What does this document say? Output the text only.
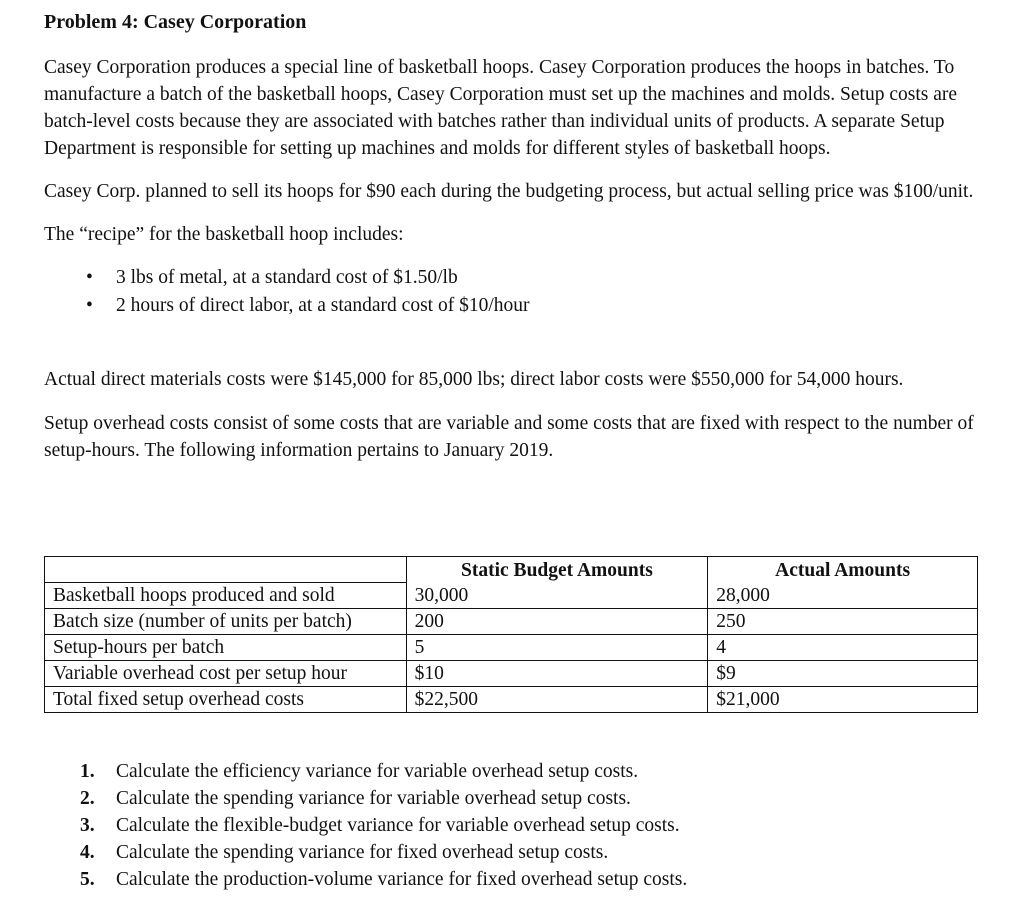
Problem 4: Casey Corporation

Casey Corporation produces a special line of basketball hoops. Casey Corporation produces the hoops in batches. To manufacture a batch of the basketball hoops, Casey Corporation must set up the machines and molds. Setup costs are batch-level costs because they are associated with batches rather than individual units of products. A separate Setup Department is responsible for setting up machines and molds for different styles of basketball hoops.

Casey Corp. planned to sell its hoops for $90 each during the budgeting process, but actual selling price was $100/unit.

The “recipe” for the basketball hoop includes:

• 3 lbs of metal, at a standard cost of $1.50/lb
• 2 hours of direct labor, at a standard cost of $10/hour

Actual direct materials costs were $145,000 for 85,000 lbs; direct labor costs were $550,000 for 54,000 hours.

Setup overhead costs consist of some costs that are variable and some costs that are fixed with respect to the number of setup-hours. The following information pertains to January 2019.

	Static Budget Amounts	Actual Amounts
Basketball hoops produced and sold	30,000	28,000
Batch size (number of units per batch)	200	250
Setup-hours per batch	5	4
Variable overhead cost per setup hour	$10	$9
Total fixed setup overhead costs	$22,500	$21,000
1. Calculate the efficiency variance for variable overhead setup costs.
2. Calculate the spending variance for variable overhead setup costs.
3. Calculate the flexible-budget variance for variable overhead setup costs.
4. Calculate the spending variance for fixed overhead setup costs.
5. Calculate the production-volume variance for fixed overhead setup costs.
